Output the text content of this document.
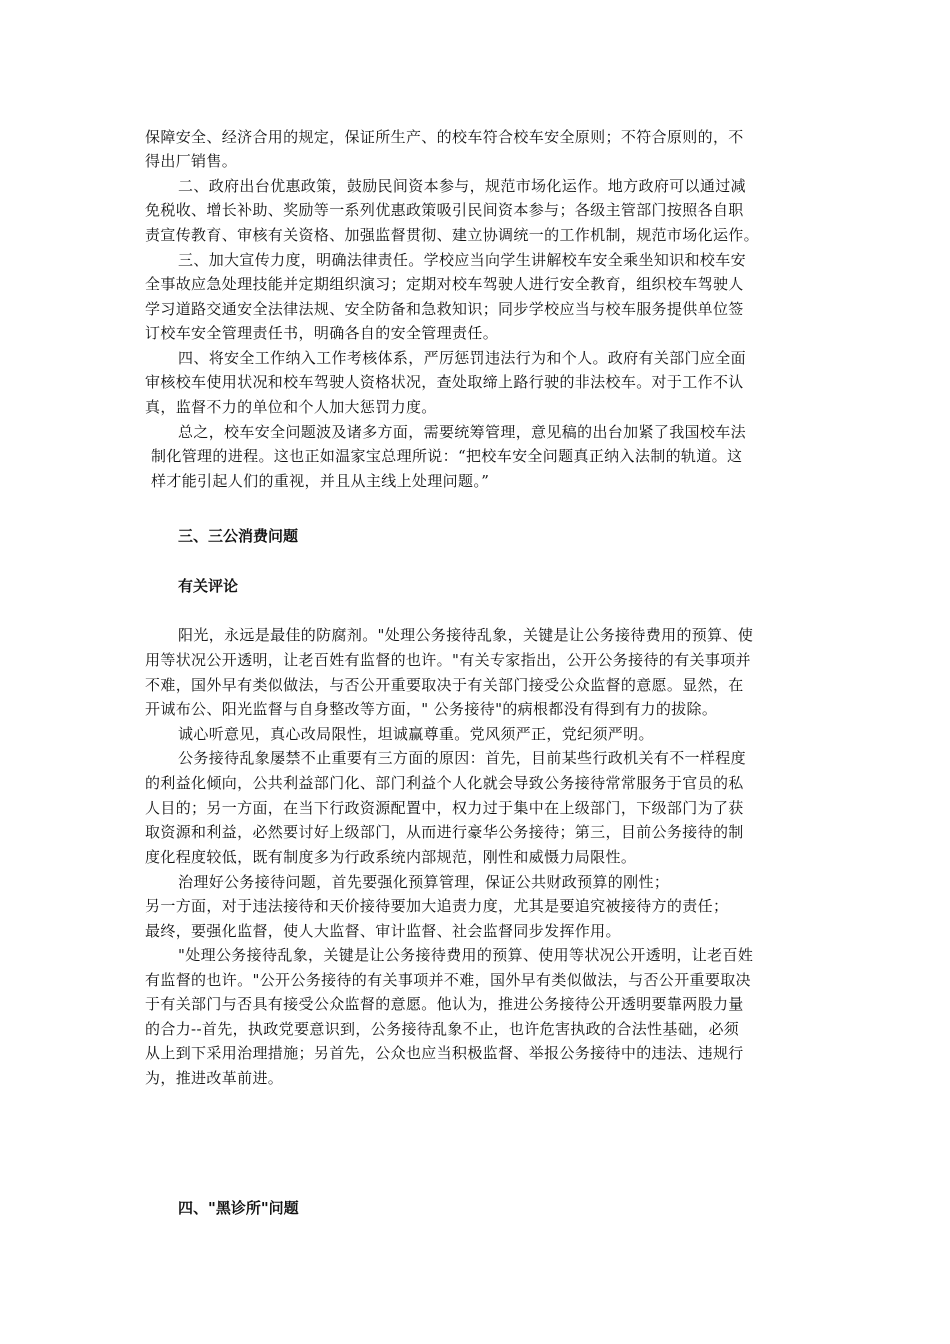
保障安全、经济合用的规定，保证所生产、的校车符合校车安全原则；不符合原则的，不
得出厂销售。
二、政府出台优惠政策，鼓励民间资本参与，规范市场化运作。地方政府可以通过减
免税收、增长补助、奖励等一系列优惠政策吸引民间资本参与；各级主管部门按照各自职
责宣传教育、审核有关资格、加强监督贯彻、建立协调统一的工作机制，规范市场化运作。
三、加大宣传力度，明确法律责任。学校应当向学生讲解校车安全乘坐知识和校车安
全事故应急处理技能并定期组织演习；定期对校车驾驶人进行安全教育，组织校车驾驶人
学习道路交通安全法律法规、安全防备和急救知识；同步学校应当与校车服务提供单位签
订校车安全管理责任书，明确各自的安全管理责任。
四、将安全工作纳入工作考核体系，严厉惩罚违法行为和个人。政府有关部门应全面
审核校车使用状况和校车驾驶人资格状况，查处取缔上路行驶的非法校车。对于工作不认
真，监督不力的单位和个人加大惩罚力度。
总之，校车安全问题波及诸多方面，需要统筹管理，意见稿的出台加紧了我国校车法
制化管理的进程。这也正如温家宝总理所说：“把校车安全问题真正纳入法制的轨道。这
样才能引起人们的重视，并且从主线上处理问题。”
三、三公消费问题
有关评论
阳光，永远是最佳的防腐剂。"处理公务接待乱象，关键是让公务接待费用的预算、使
用等状况公开透明，让老百姓有监督的也许。"有关专家指出，公开公务接待的有关事项并
不难，国外早有类似做法，与否公开重要取决于有关部门接受公众监督的意愿。显然，在
开诚布公、阳光监督与自身整改等方面，" 公务接待"的病根都没有得到有力的拔除。
诚心听意见，真心改局限性，坦诚赢尊重。党风须严正，党纪须严明。
公务接待乱象屡禁不止重要有三方面的原因：首先，目前某些行政机关有不一样程度
的利益化倾向，公共利益部门化、部门利益个人化就会导致公务接待常常服务于官员的私
人目的；另一方面，在当下行政资源配置中，权力过于集中在上级部门，下级部门为了获
取资源和利益，必然要讨好上级部门，从而进行豪华公务接待；第三，目前公务接待的制
度化程度较低，既有制度多为行政系统内部规范，刚性和威慑力局限性。
治理好公务接待问题，首先要强化预算管理，保证公共财政预算的刚性；
另一方面，对于违法接待和天价接待要加大追责力度，尤其是要追究被接待方的责任；
最终，要强化监督，使人大监督、审计监督、社会监督同步发挥作用。
"处理公务接待乱象，关键是让公务接待费用的预算、使用等状况公开透明，让老百姓
有监督的也许。"公开公务接待的有关事项并不难，国外早有类似做法，与否公开重要取决
于有关部门与否具有接受公众监督的意愿。他认为，推进公务接待公开透明要靠两股力量
的合力--首先，执政党要意识到，公务接待乱象不止，也许危害执政的合法性基础，必须
从上到下采用治理措施；另首先，公众也应当积极监督、举报公务接待中的违法、违规行
为，推进改革前进。
四、"黑诊所"问题
